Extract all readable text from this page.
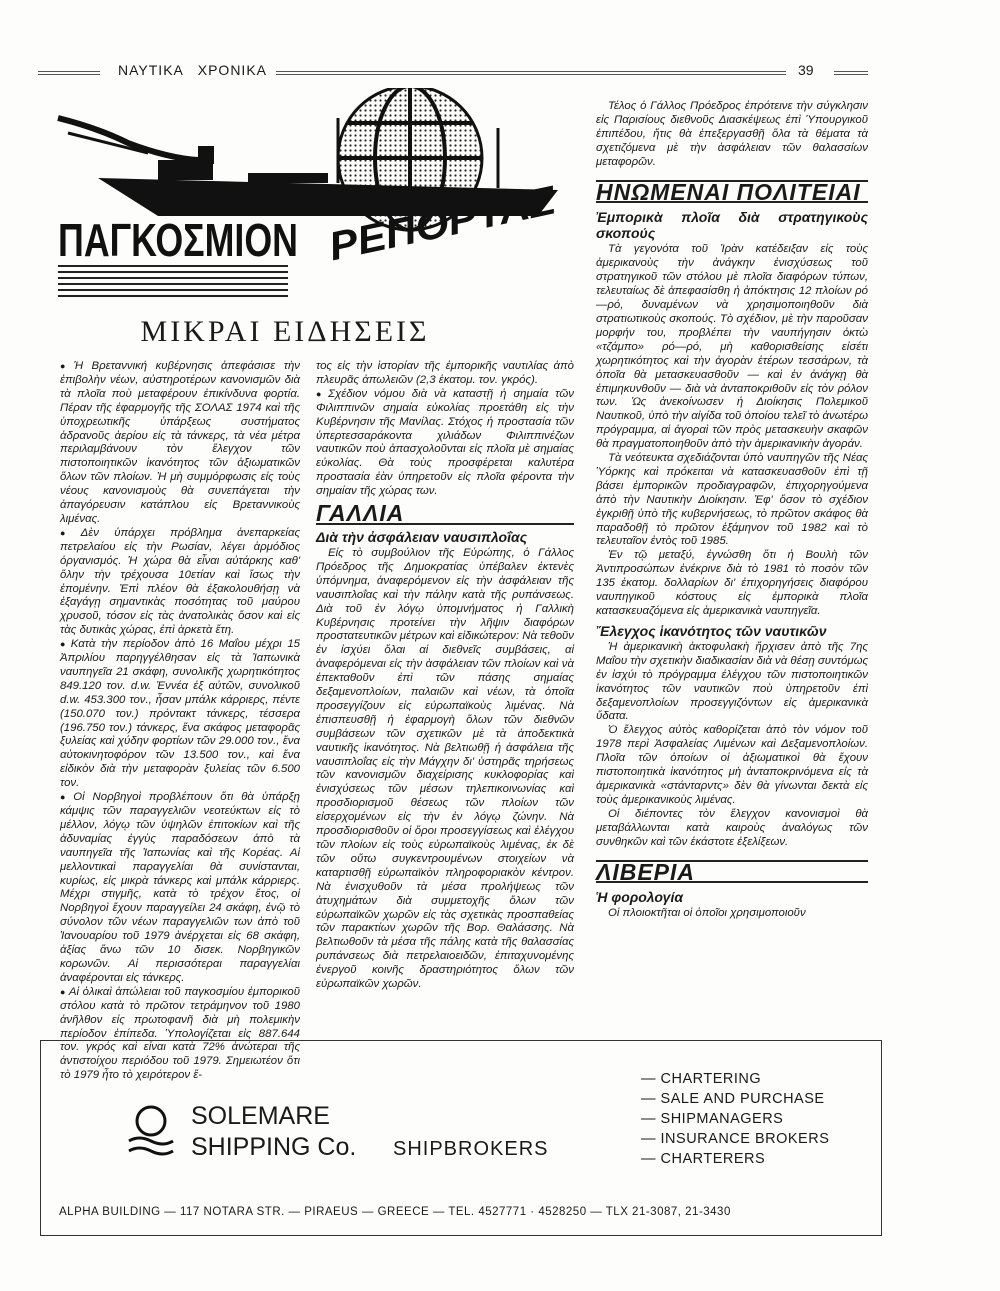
ΝΑΥΤΙΚΑ   ΧΡΟΝΙΚΑ	39
ΠΑΓΚΟΣΜΙΟΝ ΡΕΠΟΡΤΑΖ
ΜΙΚΡΑΙ ΕΙΔΗΣΕΙΣ

● Ἡ Βρεταννική κυβέρνησις ἀπεφάσισε τὴν ἐπιβολὴν νέων, αὐστηροτέρων κανονισμῶν διὰ τὰ πλοῖα ποὺ μεταφέρουν ἐπικίνδυνα φορτία. Πέραν τῆς ἐφαρμογῆς τῆς ΣΟΛΑΣ 1974 καὶ τῆς ὑποχρεωτικῆς ὑπάρξεως συστήματος ἀδρανοῦς ἀερίου εἰς τὰ τάνκερς, τὰ νέα μέτρα περιλαμβάνουν τὸν ἔλεγχον τῶν πιστοποιητικῶν ἱκανότητος τῶν ἀξιωματικῶν ὅλων τῶν πλοίων. Ἡ μὴ συμμόρφωσις εἰς τοὺς νέους κανονισμοὺς θὰ συνεπάγεται τὴν ἀπαγόρευσιν κατάπλου εἰς Βρεταννικοὺς λιμένας.

● Δὲν ὑπάρχει πρόβλημα ἀνεπαρκείας πετρελαίου εἰς τὴν Ρωσίαν, λέγει ἁρμόδιος ὀργανισμός. Ἡ χώρα θὰ εἶναι αὐτάρκης καθ' ὅλην τὴν τρέχουσα 10ετίαν καὶ ἴσως τὴν ἑπομένην. Ἐπὶ πλέον θὰ ἐξακολουθήσῃ νὰ ἐξαγάγῃ σημαντικὰς ποσότητας τοῦ μαύρου χρυσοῦ, τόσον εἰς τὰς ἀνατολικὰς ὅσον καὶ εἰς τὰς δυτικὰς χώρας, ἐπὶ ἀρκετὰ ἔτη.

● Κατὰ τὴν περίοδον ἀπὸ 16 Μαΐου μέχρι 15 Ἀπριλίου παρηγγέλθησαν εἰς τὰ Ἰαπωνικὰ ναυπηγεῖα 21 σκάφη, συνολικῆς χωρητικότητος 849.120 τον. d.w. Ἐννέα ἐξ αὐτῶν, συνολικοῦ d.w. 453.300 τον., ἦσαν μπάλκ κάρριερς, πέντε (150.070 τον.) πρόντακτ τάνκερς, τέσσερα (196.750 τον.) τάνκερς, ἕνα σκάφος μεταφορᾶς ξυλείας καὶ χύδην φορτίων τῶν 29.000 τον., ἕνα αὐτοκινητοφόρον τῶν 13.500 τον., καὶ ἕνα εἰδικὸν διὰ τὴν μεταφορὰν ξυλείας τῶν 6.500 τον.

● Οἱ Νορβηγοὶ προβλέπουν ὅτι θὰ ὑπάρξῃ κάμψις τῶν παραγγελιῶν νεοτεύκτων εἰς τὸ μέλλον, λόγῳ τῶν ὑψηλῶν ἐπιτοκίων καὶ τῆς ἀδυναμίας ἐγγὺς παραδόσεων ἀπὸ τὰ ναυπηγεῖα τῆς Ἰαπωνίας καὶ τῆς Κορέας. Αἱ μελλοντικαὶ παραγγελίαι θὰ συνίστανται, κυρίως, εἰς μικρὰ τάνκερς καὶ μπάλκ κάρριερς. Μέχρι στιγμῆς, κατὰ τὸ τρέχον ἔτος, οἱ Νορβηγοὶ ἔχουν παραγγείλει 24 σκάφη, ἐνῷ τὸ σύνολον τῶν νέων παραγγελιῶν των ἀπὸ τοῦ Ἰανουαρίου τοῦ 1979 ἀνέρχεται εἰς 68 σκάφη, ἀξίας ἄνω τῶν 10 δισεκ. Νορβηγικῶν κορωνῶν. Αἱ περισσότεραι παραγγελίαι ἀναφέρονται εἰς τάνκερς.

● Αἱ ὁλικαὶ ἀπώλειαι τοῦ παγκοσμίου ἐμπορικοῦ στόλου κατὰ τὸ πρῶτον τετράμηνον τοῦ 1980 ἀνῆλθον εἰς πρωτοφανῆ διὰ μὴ πολεμικὴν περίοδον ἐπίπεδα. Ὑπολογίζεται εἰς 887.644 τον. γκρός καὶ εἶναι κατὰ 72% ἀνώτεραι τῆς ἀντιστοίχου περιόδου τοῦ 1979. Σημειωτέον ὅτι τὸ 1979 ἦτο τὸ χειρότερον ἔ-

τος εἰς τὴν ἱστορίαν τῆς ἐμπορικῆς ναυτιλίας ἀπὸ πλευρᾶς ἀπωλειῶν (2,3 ἑκατομ. τον. γκρός).

● Σχέδιον νόμου διὰ νὰ καταστῇ ἡ σημαία τῶν Φιλιππινῶν σημαία εὐκολίας προετάθη εἰς τὴν Κυβέρνησιν τῆς Μανίλας. Στόχος ἡ προστασία τῶν ὑπερτεσσαράκοντα χιλιάδων Φιλιππινέζων ναυτικῶν ποὺ ἀπασχολοῦνται εἰς πλοῖα μὲ σημαίας εὐκολίας. Θὰ τοὺς προσφέρεται καλυτέρα προστασία ἐὰν ὑπηρετοῦν εἰς πλοῖα φέροντα τὴν σημαίαν τῆς χώρας των.

ΓΑΛΛΙΑ
Διὰ τὴν ἀσφάλειαν ναυσιπλοΐας

Εἰς τὸ συμβούλιον τῆς Εὐρώπης, ὁ Γάλλος Πρόεδρος τῆς Δημοκρατίας ὑπέβαλεν ἐκτενὲς ὑπόμνημα, ἀναφερόμενον εἰς τὴν ἀσφάλειαν τῆς ναυσιπλοΐας καὶ τὴν πάλην κατὰ τῆς ρυπάνσεως. Διὰ τοῦ ἐν λόγῳ ὑπομνήματος ἡ Γαλλικὴ Κυβέρνησις προτείνει τὴν λῆψιν διαφόρων προστατευτικῶν μέτρων καὶ εἰδικώτερον: Νὰ τεθοῦν ἐν ἰσχύει ὅλαι αἱ διεθνεῖς συμβάσεις, αἱ ἀναφερόμεναι εἰς τὴν ἀσφάλειαν τῶν πλοίων καὶ νὰ ἐπεκταθοῦν ἐπὶ τῶν πάσης σημαίας δεξαμενοπλοίων, παλαιῶν καὶ νέων, τὰ ὁποῖα προσεγγίζουν εἰς εὐρωπαϊκοὺς λιμένας. Νὰ ἐπισπευσθῇ ἡ ἐφαρμογὴ ὅλων τῶν διεθνῶν συμβάσεων τῶν σχετικῶν μὲ τὰ ἀποδεκτικὰ ναυτικῆς ἱκανότητος. Νὰ βελτιωθῇ ἡ ἀσφάλεια τῆς ναυσιπλοΐας εἰς τὴν Μάγχην δι' ὑστηρᾶς τηρήσεως τῶν κανονισμῶν διαχείρισης κυκλοφορίας καὶ ἐνισχύσεως τῶν μέσων τηλεπικοινωνίας καὶ προσδιορισμοῦ θέσεως τῶν πλοίων τῶν εἰσερχομένων εἰς τὴν ἐν λόγῳ ζώνην. Νὰ προσδιορισθοῦν οἱ ὅροι προσεγγίσεως καὶ ἐλέγχου τῶν πλοίων εἰς τοὺς εὐρωπαϊκοὺς λιμένας, ἐκ δὲ τῶν οὕτω συγκεντρουμένων στοιχείων νὰ καταρτισθῇ εὐρωπαϊκὸν πληροφοριακὸν κέντρον. Νὰ ἐνισχυθοῦν τὰ μέσα προλήψεως τῶν ἀτυχημάτων διὰ συμμετοχῆς ὅλων τῶν εὐρωπαϊκῶν χωρῶν εἰς τὰς σχετικὰς προσπαθείας τῶν παρακτίων χωρῶν τῆς Βορ. Θαλάσσης. Νὰ βελτιωθοῦν τὰ μέσα τῆς πάλης κατὰ τῆς θαλασσίας ρυπάνσεως διὰ πετρελαιοειδῶν, ἐπιταχυνομένης ἐνεργοῦ κοινῆς δραστηριότητος ὅλων τῶν εὐρωπαϊκῶν χωρῶν.

Τέλος ὁ Γάλλος Πρόεδρος ἐπρότεινε τὴν σύγκλησιν εἰς Παρισίους διεθνοῦς Διασκέψεως ἐπὶ Ὑπουργικοῦ ἐπιπέδου, ἥτις θὰ ἐπεξεργασθῇ ὅλα τὰ θέματα τὰ σχετιζόμενα μὲ τὴν ἀσφάλειαν τῶν θαλασσίων μεταφορῶν.

ΗΝΩΜΕΝΑΙ ΠΟΛΙΤΕΙΑΙ
Ἐμπορικὰ πλοῖα διὰ στρατηγικοὺς σκοπούς

Τὰ γεγονότα τοῦ Ἰρὰν κατέδειξαν εἰς τοὺς ἀμερικανοὺς τὴν ἀνάγκην ἐνισχύσεως τοῦ στρατηγικοῦ τῶν στόλου μὲ πλοῖα διαφόρων τύπων, τελευταίως δὲ ἀπεφασίσθη ἡ ἀπόκτησις 12 πλοίων ρό—ρό, δυναμένων νὰ χρησιμοποιηθοῦν διὰ στρατιωτικοὺς σκοπούς. Τὸ σχέδιον, μὲ τὴν παροῦσαν μορφήν του, προβλέπει τὴν ναυπήγησιν ὀκτὼ «τζάμπο» ρό—ρό, μὴ καθορισθείσης εἰσέτι χωρητικότητος καὶ τὴν ἀγορὰν ἑτέρων τεσσάρων, τὰ ὁποῖα θὰ μετασκευασθοῦν — καὶ ἐν ἀνάγκῃ θὰ ἐπιμηκυνθοῦν — διὰ νὰ ἀνταποκριθοῦν εἰς τὸν ρόλον των. Ὡς ἀνεκοίνωσεν ἡ Διοίκησις Πολεμικοῦ Ναυτικοῦ, ὑπὸ τὴν αἰγίδα τοῦ ὁποίου τελεῖ τὸ ἀνωτέρω πρόγραμμα, αἱ ἀγοραὶ τῶν πρὸς μετασκευὴν σκαφῶν θὰ πραγματοποιηθοῦν ἀπὸ τὴν ἀμερικανικὴν ἀγοράν.

Τὰ νεότευκτα σχεδιάζονται ὑπὸ ναυπηγῶν τῆς Νέας Ὑόρκης καὶ πρόκειται νὰ κατασκευασθοῦν ἐπὶ τῇ βάσει ἐμπορικῶν προδιαγραφῶν, ἐπιχορηγούμενα ἀπὸ τὴν Ναυτικὴν Διοίκησιν. Ἐφ' ὅσον τὸ σχέδιον ἐγκριθῇ ὑπὸ τῆς κυβερνήσεως, τὸ πρῶτον σκάφος θὰ παραδοθῇ τὸ πρῶτον ἑξάμηνον τοῦ 1982 καὶ τὸ τελευταῖον ἐντὸς τοῦ 1985.

Ἐν τῷ μεταξύ, ἐγνώσθη ὅτι ἡ Βουλὴ τῶν Ἀντιπροσώπων ἐνέκρινε διὰ τὸ 1981 τὸ ποσὸν τῶν 135 ἑκατομ. δολλαρίων δι' ἐπιχορηγήσεις διαφόρου ναυπηγικοῦ κόστους εἰς ἐμπορικὰ πλοῖα κατασκευαζόμενα εἰς ἀμερικανικὰ ναυπηγεῖα.

Ἔλεγχος ἱκανότητος τῶν ναυτικῶν

Ἡ ἀμερικανικὴ ἀκτοφυλακὴ ἤρχισεν ἀπὸ τῆς 7ης Μαΐου τὴν σχετικὴν διαδικασίαν διὰ νὰ θέσῃ συντόμως ἐν ἰσχύι τὸ πρόγραμμα ἐλέγχου τῶν πιστοποιητικῶν ἱκανότητος τῶν ναυτικῶν ποὺ ὑπηρετοῦν ἐπὶ δεξαμενοπλοίων προσεγγιζόντων εἰς ἀμερικανικὰ ὕδατα.

Ὁ ἔλεγχος αὐτὸς καθορίζεται ἀπὸ τὸν νόμον τοῦ 1978 περὶ Ἀσφαλείας Λιμένων καὶ Δεξαμενοπλοίων. Πλοῖα τῶν ὁποίων οἱ ἀξιωματικοὶ θὰ ἔχουν πιστοποιητικὰ ἱκανότητος μὴ ἀνταποκρινόμενα εἰς τὰ ἀμερικανικὰ «στάνταρντς» δὲν θὰ γίνωνται δεκτὰ εἰς τοὺς ἀμερικανικοὺς λιμένας.

Οἱ διέποντες τὸν ἔλεγχον κανονισμοὶ θὰ μεταβάλλωνται κατὰ καιροὺς ἀναλόγως τῶν συνθηκῶν καὶ τῶν ἑκάστοτε ἐξελίξεων.

ΛΙΒΕΡΙΑ
Ἡ φορολογία

Οἱ πλοιοκτῆται οἱ ὁποῖοι χρησιμοποιοῦν

SOLEMARE
SHIPPING Co. SHIPBROKERS
— CHARTERING
— SALE AND PURCHASE
— SHIPMANAGERS
— INSURANCE BROKERS
— CHARTERERS
ALPHA BUILDING — 117 NOTARA STR. — PIRAEUS — GREECE — TEL. 4527771 · 4528250 — TLX 21-3087, 21-3430
